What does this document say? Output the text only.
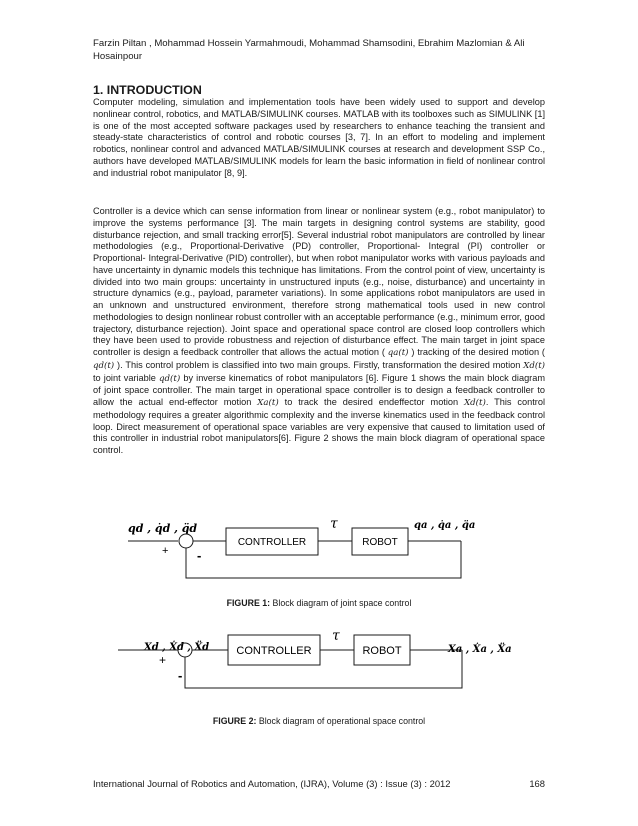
Farzin Piltan , Mohammad Hossein Yarmahmoudi, Mohammad Shamsodini, Ebrahim Mazlomian & Ali Hosainpour
1. INTRODUCTION

Computer modeling, simulation and implementation tools have been widely used to support and develop nonlinear control, robotics, and MATLAB/SIMULINK courses. MATLAB with its toolboxes such as SIMULINK [1] is one of the most accepted software packages used by researchers to enhance teaching the transient and steady-state characteristics of control and robotic courses [3, 7]. In an effort to modeling and implement robotics, nonlinear control and advanced MATLAB/SIMULINK courses at research and development SSP Co., authors have developed MATLAB/SIMULINK models for learn the basic information in field of nonlinear control and industrial robot manipulator [8, 9].

Controller is a device which can sense information from linear or nonlinear system (e.g., robot manipulator) to improve the systems performance [3]. The main targets in designing control systems are stability, good disturbance rejection, and small tracking error[5]. Several industrial robot manipulators are controlled by linear methodologies (e.g., Proportional-Derivative (PD) controller, Proportional- Integral (PI) controller or Proportional- Integral-Derivative (PID) controller), but when robot manipulator works with various payloads and have uncertainty in dynamic models this technique has limitations. From the control point of view, uncertainty is divided into two main groups: uncertainty in unstructured inputs (e.g., noise, disturbance) and uncertainty in structure dynamics (e.g., payload, parameter variations). In some applications robot manipulators are used in an unknown and unstructured environment, therefore strong mathematical tools used in new control methodologies to design nonlinear robust controller with an acceptable performance (e.g., minimum error, good trajectory, disturbance rejection). Joint space and operational space control are closed loop controllers which they have been used to provide robustness and rejection of disturbance effect. The main target in joint space controller is design a feedback controller that allows the actual motion ( qa(t) ) tracking of the desired motion ( qd(t) ). This control problem is classified into two main groups. Firstly, transformation the desired motion Xd(t) to joint variable qd(t) by inverse kinematics of robot manipulators [6]. Figure 1 shows the main block diagram of joint space controller. The main target in operational space controller is to design a feedback controller to allow the actual end-effector motion Xa(t) to track the desired endeffector motion Xd(t). This control methodology requires a greater algorithmic complexity and the inverse kinematics used in the feedback control loop. Direct measurement of operational space variables are very expensive that caused to limitation used of this controller in industrial robot manipulators[6]. Figure 2 shows the main block diagram of operational space control.

qd , q̇d , q̈d
+ -
CONTROLLER
τ
ROBOT
qa , q̇a , q̈a
Xd , Ẋd , Ẍd
+
-
CONTROLLER
τ
ROBOT	Xa , Ẋa , Ẍa
FIGURE 1: Block diagram of joint space control
FIGURE 2: Block diagram of operational space control
International Journal of Robotics and Automation, (IJRA), Volume (3) : Issue (3) : 2012	168
